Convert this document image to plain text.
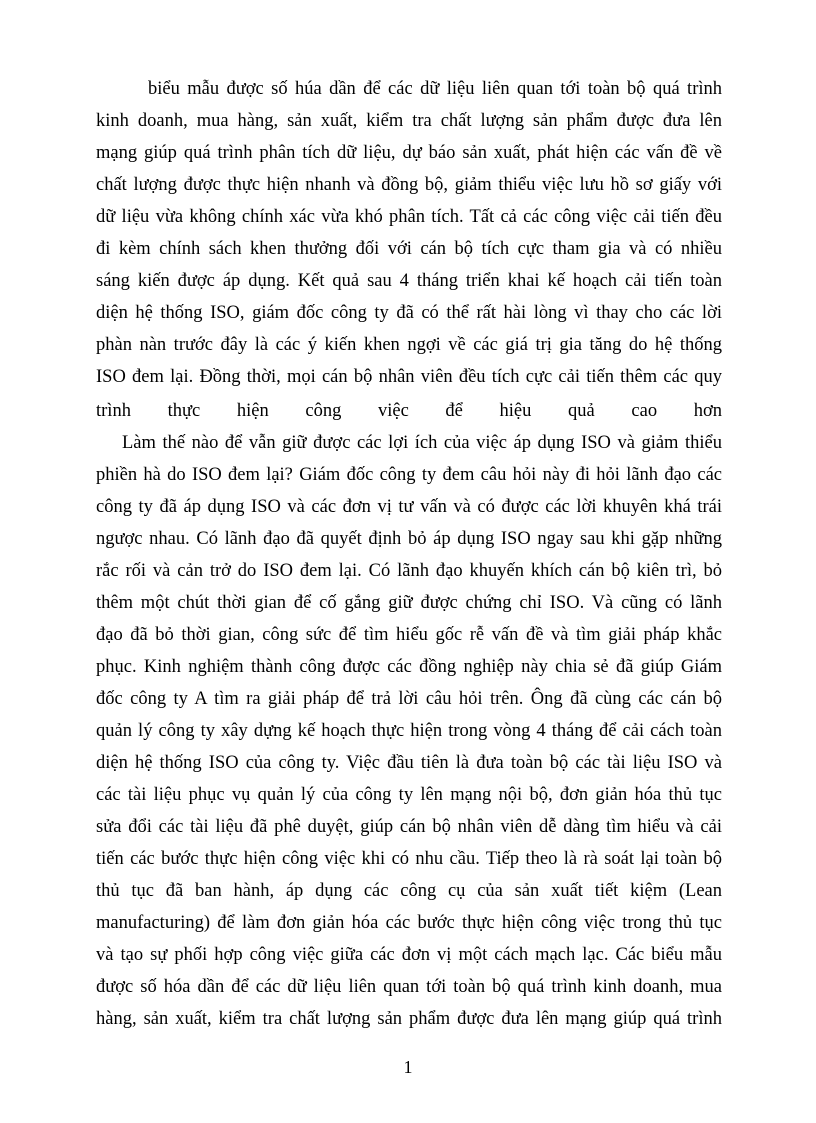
biểu mẫu được số húa dần để các dữ liệu liên quan tới toàn bộ quá trình
kinh doanh, mua hàng, sản xuất, kiểm tra chất lượng sản phẩm được đưa lên
mạng giúp quá trình phân tích dữ liệu, dự báo sản xuất, phát hiện các vấn đề về
chất lượng được thực hiện nhanh và đồng bộ, giảm thiểu việc lưu hồ sơ giấy với
dữ liệu vừa không chính xác vừa khó phân tích. Tất cả các công việc cải tiến đều
đi kèm chính sách khen thưởng đối với cán bộ tích cực tham gia và có nhiều
sáng kiến được áp dụng. Kết quả sau 4 tháng triển khai kế hoạch cải tiến toàn
diện hệ thống ISO, giám đốc công ty đã có thể rất hài lòng vì thay cho các lời
phàn nàn trước đây là các ý kiến khen ngợi về các giá trị gia tăng do hệ thống
ISO đem lại. Đồng thời, mọi cán bộ nhân viên đều tích cực cải tiến thêm các quy
trình thực hiện công việc để hiệu quả cao hơn
Làm thế nào để vẫn giữ được các lợi ích của việc áp dụng ISO và giảm thiểu
phiền hà do ISO đem lại? Giám đốc công ty đem câu hỏi này đi hỏi lãnh đạo các
công ty đã áp dụng ISO và các đơn vị tư vấn và có được các lời khuyên khá trái
ngược nhau. Có lãnh đạo đã quyết định bỏ áp dụng ISO ngay sau khi gặp những
rắc rối và cản trở do ISO đem lại. Có lãnh đạo khuyến khích cán bộ kiên trì, bỏ
thêm một chút thời gian để cố gắng giữ được chứng chỉ ISO. Và cũng có lãnh
đạo đã bỏ thời gian, công sức để tìm hiểu gốc rễ vấn đề và tìm giải pháp khắc
phục. Kinh nghiệm thành công được các đồng nghiệp này chia sẻ đã giúp Giám
đốc công ty A tìm ra giải pháp để trả lời câu hỏi trên. Ông đã cùng các cán bộ
quản lý công ty xây dựng kế hoạch thực hiện trong vòng 4 tháng để cải cách toàn
diện hệ thống ISO của công ty. Việc đầu tiên là đưa toàn bộ các tài liệu ISO và
các tài liệu phục vụ quản lý của công ty lên mạng nội bộ, đơn giản hóa thủ tục
sửa đổi các tài liệu đã phê duyệt, giúp cán bộ nhân viên dễ dàng tìm hiểu và cải
tiến các bước thực hiện công việc khi có nhu cầu. Tiếp theo là rà soát lại toàn bộ
thủ tục đã ban hành, áp dụng các công cụ của sản xuất tiết kiệm (Lean
manufacturing) để làm đơn giản hóa các bước thực hiện công việc trong thủ tục
và tạo sự phối hợp công việc giữa các đơn vị một cách mạch lạc. Các biểu mẫu
được số hóa dần để các dữ liệu liên quan tới toàn bộ quá trình kinh doanh, mua
hàng, sản xuất, kiểm tra chất lượng sản phẩm được đưa lên mạng giúp quá trình
1
